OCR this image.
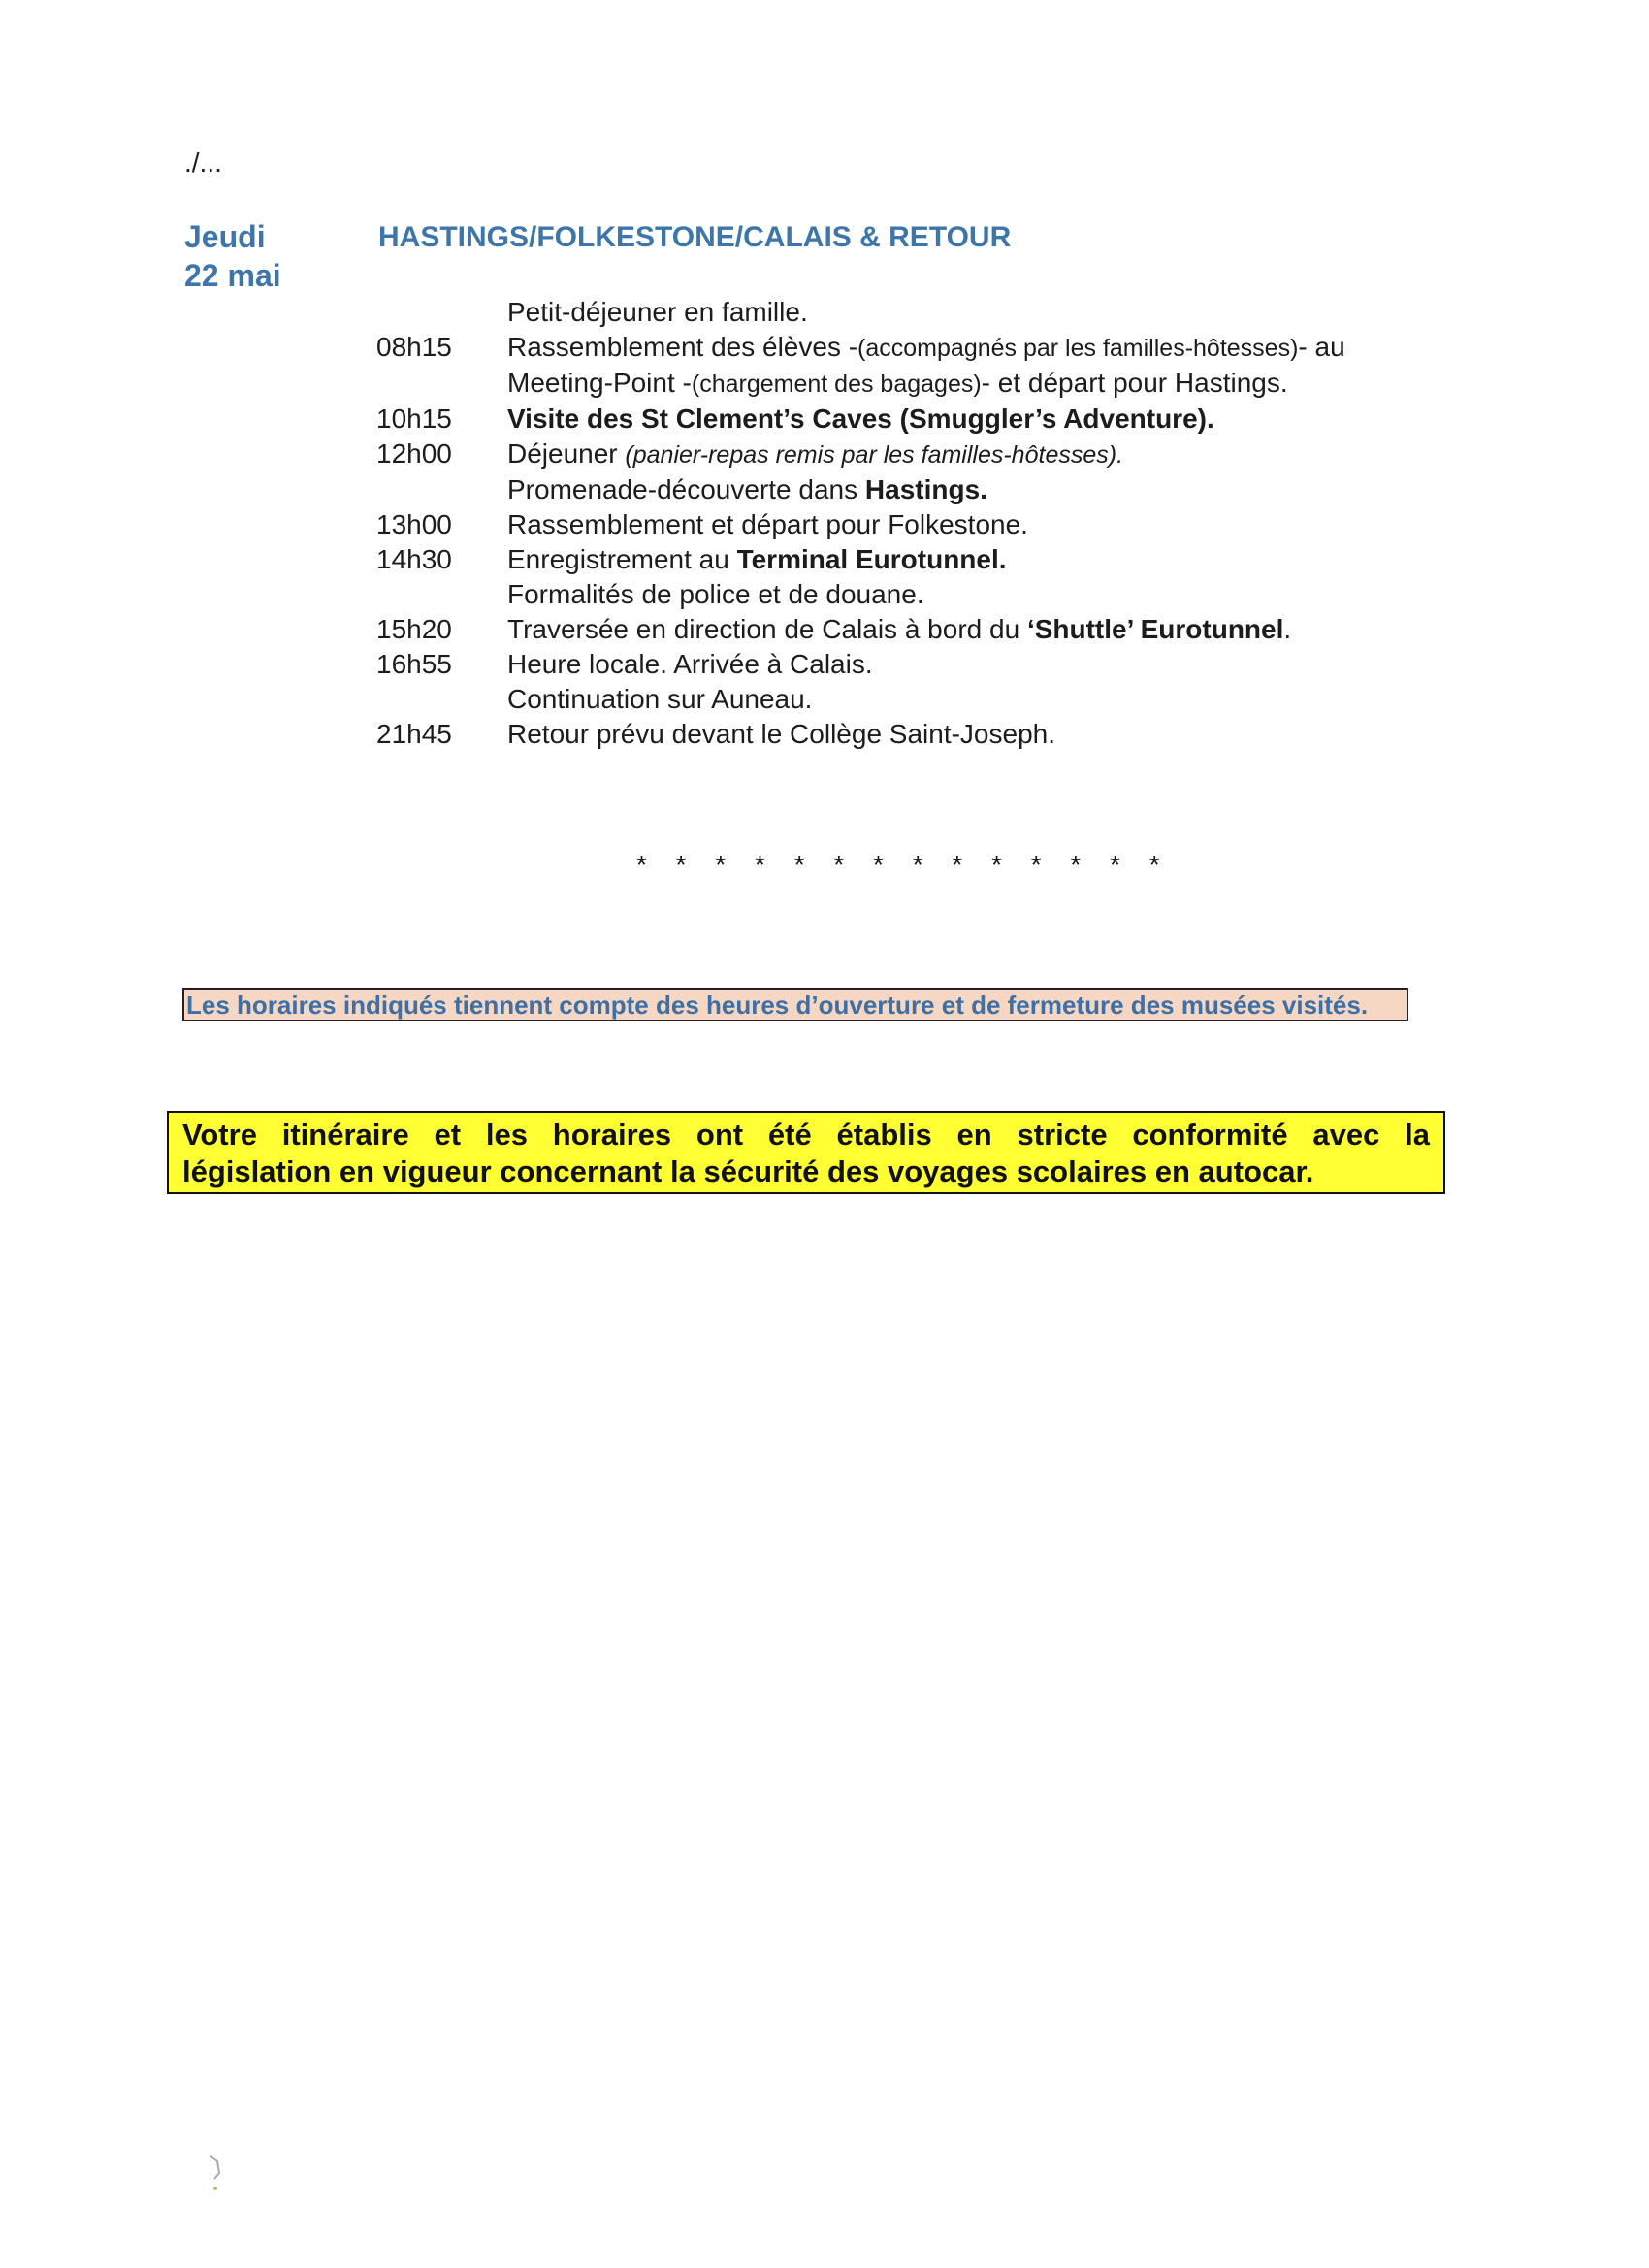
./...
Jeudi
22 mai
HASTINGS/FOLKESTONE/CALAIS & RETOUR
Petit-déjeuner en famille.
08h15	Rassemblement des élèves -(accompagnés par les familles-hôtesses)- au
Meeting-Point -(chargement des bagages)- et départ pour Hastings.
10h15	Visite des St Clement’s Caves (Smuggler’s Adventure).
12h00	Déjeuner (panier-repas remis par les familles-hôtesses).
Promenade-découverte dans Hastings.
13h00	Rassemblement et départ pour Folkestone.
14h30	Enregistrement au Terminal Eurotunnel.
Formalités de police et de douane.
15h20	Traversée en direction de Calais à bord du ‘Shuttle’ Eurotunnel.
16h55	Heure locale. Arrivée à Calais.
Continuation sur Auneau.
21h45	Retour prévu devant le Collège Saint-Joseph.
* * * * * * * * * * * * * *
Les horaires indiqués tiennent compte des heures d’ouverture et de fermeture des musées visités.
Votre itinéraire et les horaires ont été établis en stricte conformité avec la

législation en vigueur concernant la sécurité des voyages scolaires en autocar.
